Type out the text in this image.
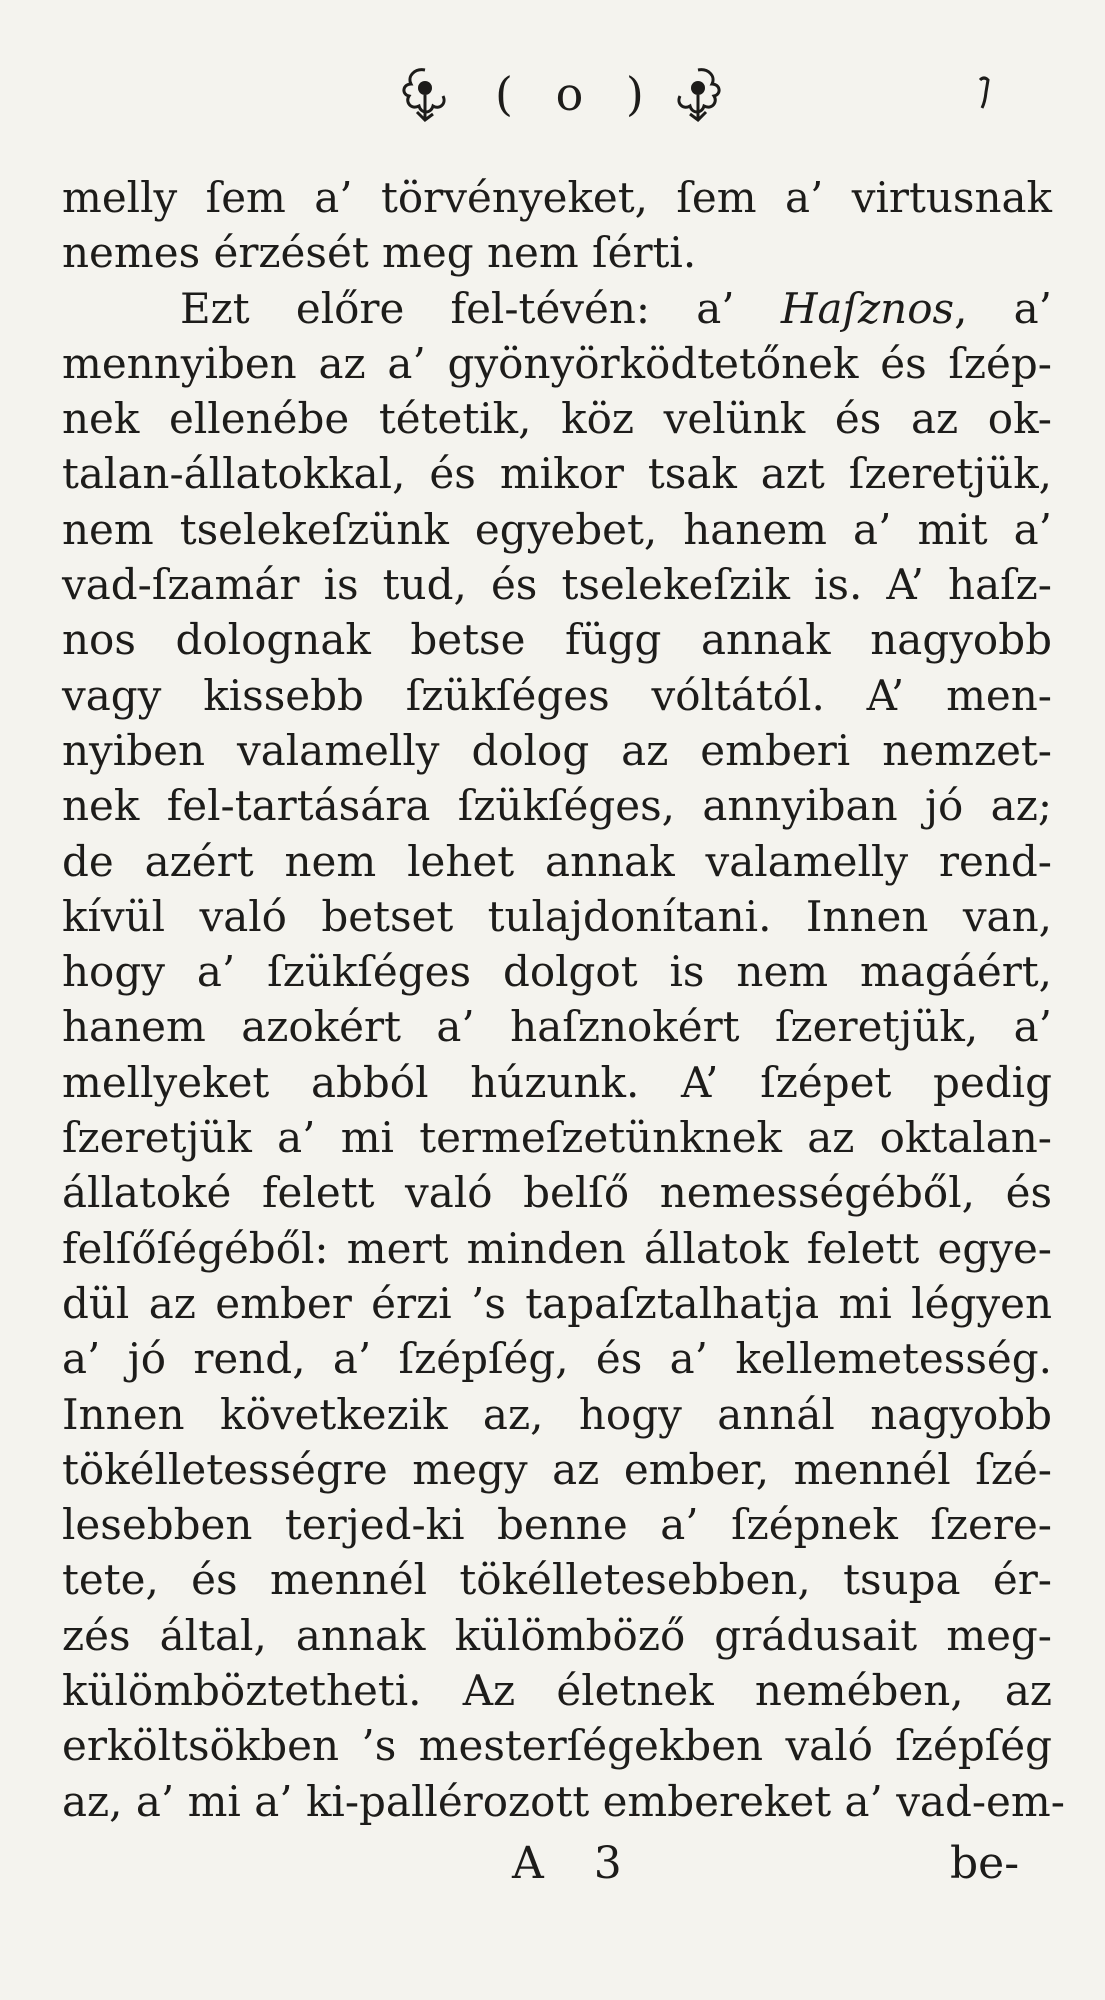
( o )
melly ſem a’ törvényeket, ſem a’ virtusnak
nemes érzését meg nem ſérti.
Ezt előre fel-tévén: a’ Haſznos, a’
mennyiben az a’ gyönyörködtetőnek és ſzép-
nek ellenébe tétetik, köz velünk és az ok-
talan-állatokkal, és mikor tsak azt ſzeretjük,
nem tselekeſzünk egyebet, hanem a’ mit a’
vad-ſzamár is tud, és tselekeſzik is. A’ haſz-
nos dolognak betse függ annak nagyobb
vagy kissebb ſzükſéges vóltától. A’ men-
nyiben valamelly dolog az emberi nemzet-
nek fel-tartására ſzükſéges, annyiban jó az;
de azért nem lehet annak valamelly rend-
kívül való betset tulajdonítani. Innen van,
hogy a’ ſzükſéges dolgot is nem magáért,
hanem azokért a’ haſznokért ſzeretjük, a’
mellyeket abból húzunk. A’ ſzépet pedig
ſzeretjük a’ mi termeſzetünknek az oktalan-
állatoké felett való belſő nemességéből, és
felſőſégéből: mert minden állatok felett egye-
dül az ember érzi ’s tapaſztalhatja mi légyen
a’ jó rend, a’ ſzépſég, és a’ kellemetesség.
Innen következik az, hogy annál nagyobb
tökélletességre megy az ember, mennél ſzé-
lesebben terjed-ki benne a’ ſzépnek ſzere-
tete, és mennél tökélletesebben, tsupa ér-
zés által, annak külömböző grádusait meg-
külömböztetheti. Az életnek nemében, az
erköltsökben ’s mesterſégekben való ſzépſég
az, a’ mi a’ ki-pallérozott embereket a’ vad-em-
A 3	be-
